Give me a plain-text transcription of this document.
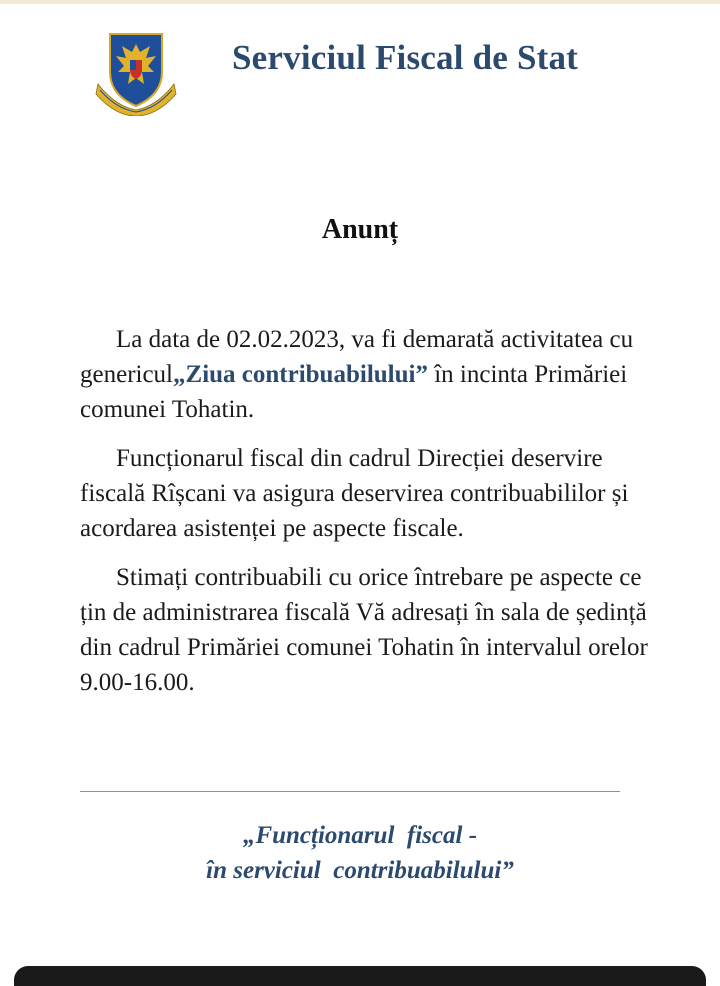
Serviciul Fiscal de Stat
Anunț

La data de 02.02.2023, va fi demarată activitatea cu genericul„Ziua contribuabilului” în incinta Primăriei comunei Tohatin.

Funcționarul fiscal din cadrul Direcției deservire fiscală Rîșcani va asigura deservirea contribuabililor și acordarea asistenței pe aspecte fiscale.

Stimați contribuabili cu orice întrebare pe aspecte ce țin de administrarea fiscală Vă adresați în sala de ședință din cadrul Primăriei comunei Tohatin în intervalul orelor 9.00-16.00.

„Funcționarul  fiscal -
în serviciul  contribuabilului”
